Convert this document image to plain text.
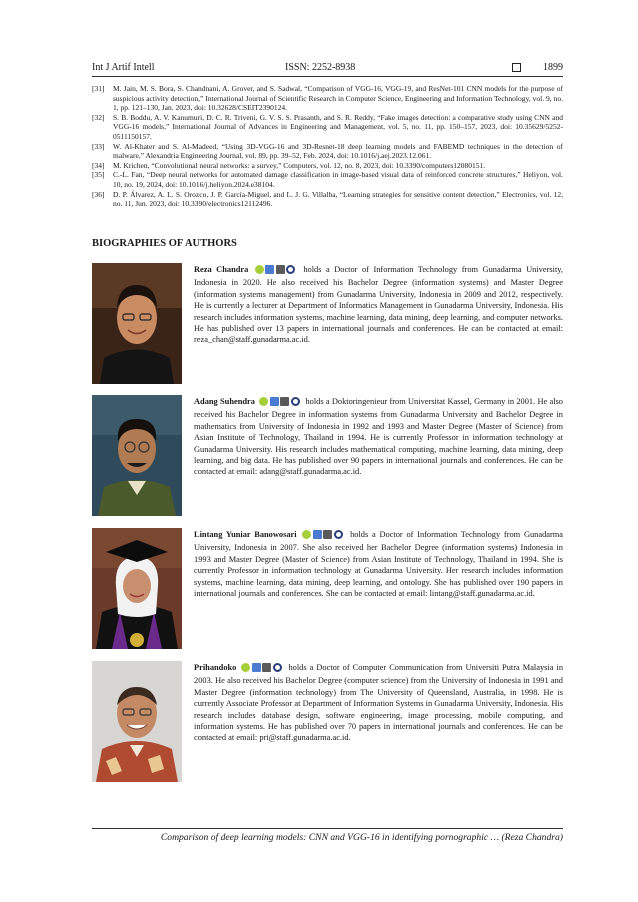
Int J Artif Intell	ISSN: 2252-8938	1899
[31] M. Jain, M. S. Bora, S. Chandnani, A. Grover, and S. Sadwal, “Comparison of VGG-16, VGG-19, and ResNet-101 CNN models for the purpose of suspicious activity detection,” International Journal of Scientific Research in Computer Science, Engineering and Information Technology, vol. 9, no. 1, pp. 121–130, Jan. 2023, doi: 10.32628/CSEIT2390124.
[32] S. B. Boddu, A. V. Kanumuri, D. C. R. Triveni, G. V. S. S. Prasanth, and S. R. Reddy, “Fake images detection: a comparative study using CNN and VGG-16 models,” International Journal of Advances in Engineering and Management, vol. 5, no. 11, pp. 150–157, 2023, doi: 10.35629/5252-0511150157.
[33] W. Al-Khater and S. Al-Madeed, “Using 3D-VGG-16 and 3D-Resnet-18 deep learning models and FABEMD techniques in the detection of malware,” Alexandria Engineering Journal, vol. 89, pp. 39–52, Feb. 2024, doi: 10.1016/j.aej.2023.12.061.
[34] M. Krichen, “Convolutional neural networks: a survey,” Computers, vol. 12, no. 8, 2023, doi: 10.3390/computers12080151.
[35] C.-L. Fan, “Deep neural networks for automated damage classification in image-based visual data of reinforced concrete structures,” Heliyon, vol. 10, no. 19, 2024, doi: 10.1016/j.heliyon.2024.e38104.
[36] D. P. Álvarez, A. L. S. Orozco, J. P. García-Miguel, and L. J. G. Villalba, “Learning strategies for sensitive content detection,” Electronics, vol. 12, no. 11, Jun. 2023, doi: 10.3390/electronics12112496.
BIOGRAPHIES OF AUTHORS
Reza Chandra	holds a Doctor of Information Technology from Gunadarma University, Indonesia in 2020. He also received his Bachelor Degree (information systems) and Master Degree (information systems management) from Gunadarma University, Indonesia in 2009 and 2012, respectively. He is currently a lecturer at Department of Informatics Management in Gunadarma University, Indonesia. His research includes information systems, machine learning, data mining, deep learning, and computer networks. He has published over 13 papers in international journals and conferences. He can be contacted at email: reza_chan@staff.gunadarma.ac.id.
Adang Suhendra	holds a Doktoringenieur from Universitat Kassel, Germany in 2001. He also received his Bachelor Degree in information systems from Gunadarma University and Bachelor Degree in mathematics from University of Indonesia in 1992 and 1993 and Master Degree (Master of Science) from Asian Institute of Technology, Thailand in 1994. He is currently Professor in information technology at Gunadarma University. His research includes mathematical computing, machine learning, data mining, deep learning, and big data. He has published over 90 papers in international journals and conferences. He can be contacted at email: adang@staff.gunadarma.ac.id.
Lintang Yuniar Banowosari	holds a Doctor of Information Technology from Gunadarma University, Indonesia in 2007. She also received her Bachelor Degree (information systems) Indonesia in 1993 and Master Degree (Master of Science) from Asian Institute of Technology, Thailand in 1994. She is currently Professor in information technology at Gunadarma University. Her research includes information systems, machine learning, data mining, deep learning, and ontology. She has published over 190 papers in international journals and conferences. She can be contacted at email: lintang@staff.gunadarma.ac.id.
Prihandoko	holds a Doctor of Computer Communication from Universiti Putra Malaysia in 2003. He also received his Bachelor Degree (computer science) from the University of Indonesia in 1991 and Master Degree (information technology) from The University of Queensland, Australia, in 1998. He is currently Associate Professor at Department of Information Systems in Gunadarma University, Indonesia. His research includes database design, software engineering, image processing, mobile computing, and information systems. He has published over 70 papers in international journals and conferences. He can be contacted at email: pri@staff.gunadarma.ac.id.
Comparison of deep learning models: CNN and VGG-16 in identifying pornographic … (Reza Chandra)
